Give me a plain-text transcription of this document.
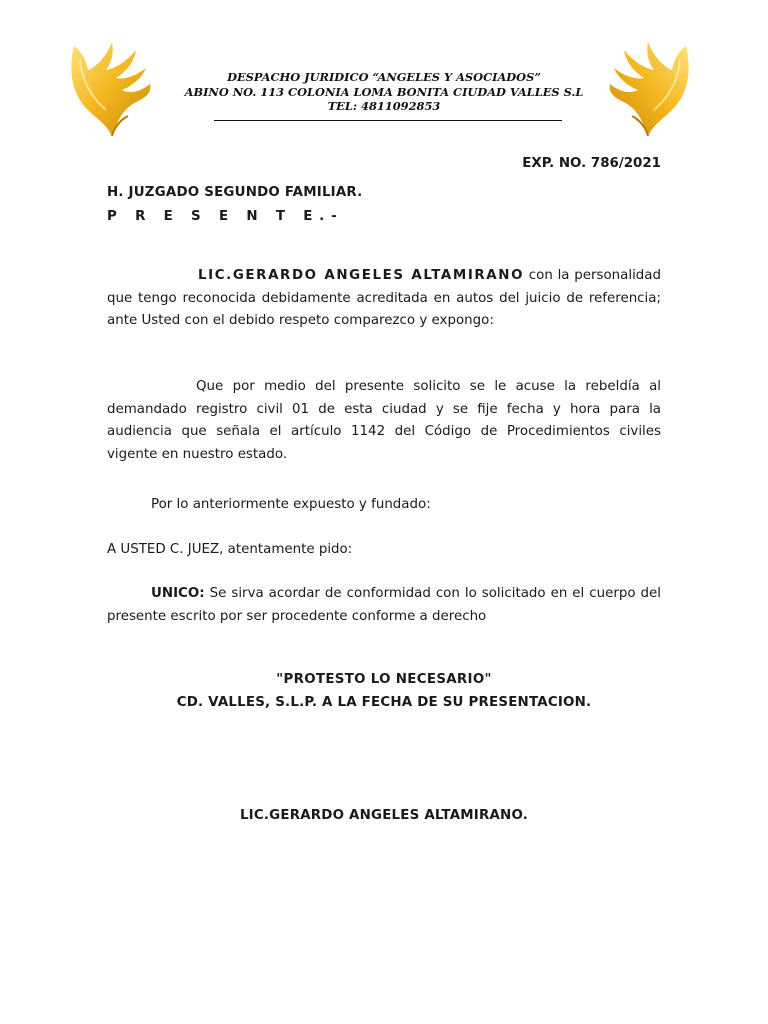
DESPACHO JURIDICO “ANGELES Y ASOCIADOS”
ABINO NO. 113 COLONIA LOMA BONITA CIUDAD VALLES S.L
TEL: 4811092853
EXP. NO. 786/2021
H. JUZGADO SEGUNDO FAMILIAR.
P R E S E N T E.-
LIC.GERARDO ANGELES ALTAMIRANO con la personalidad que tengo reconocida debidamente acreditada en autos del juicio de referencia; ante Usted con el debido respeto comparezco y expongo:
Que por medio del presente solicito se le acuse la rebeldía al demandado registro civil 01 de esta ciudad y se fije fecha y hora para la audiencia que señala el artículo 1142 del Código de Procedimientos civiles vigente en nuestro estado.
Por lo anteriormente expuesto y fundado:
A USTED C. JUEZ, atentamente pido:
UNICO: Se sirva acordar de conformidad con lo solicitado en el cuerpo del presente escrito por ser procedente conforme a derecho
"PROTESTO LO NECESARIO"
CD. VALLES, S.L.P. A LA FECHA DE SU PRESENTACION.
LIC.GERARDO ANGELES ALTAMIRANO.
